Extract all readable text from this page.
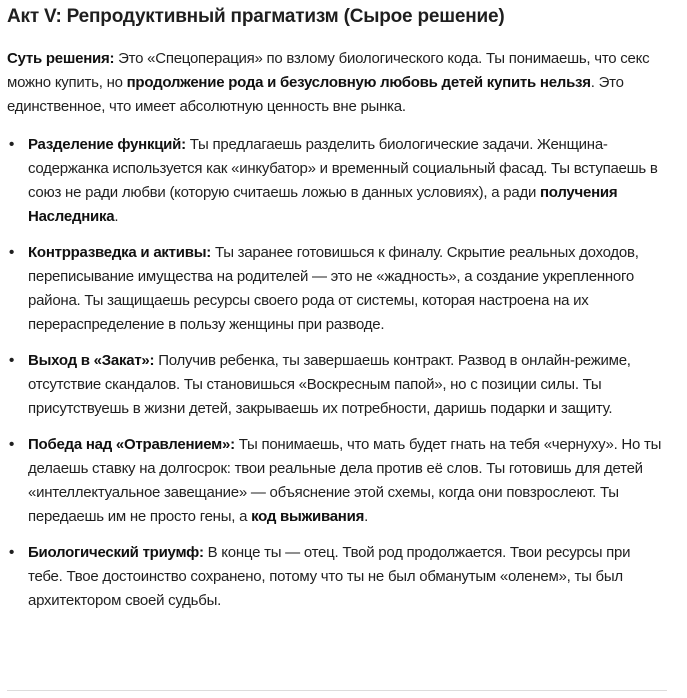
Акт V: Репродуктивный прагматизм (Сырое решение)

Суть решения: Это «Спецоперация» по взлому биологического кода. Ты понимаешь, что секс можно купить, но продолжение рода и безусловную любовь детей купить нельзя. Это единственное, что имеет абсолютную ценность вне рынка.

• Разделение функций: Ты предлагаешь разделить биологические задачи. Женщина-содержанка используется как «инкубатор» и временный социальный фасад. Ты вступаешь в союз не ради любви (которую считаешь ложью в данных условиях), а ради получения Наследника.
• Контрразведка и активы: Ты заранее готовишься к финалу. Скрытие реальных доходов, переписывание имущества на родителей — это не «жадность», а создание укрепленного района. Ты защищаешь ресурсы своего рода от системы, которая настроена на их перераспределение в пользу женщины при разводе.
• Выход в «Закат»: Получив ребенка, ты завершаешь контракт. Развод в онлайн-режиме, отсутствие скандалов. Ты становишься «Воскресным папой», но с позиции силы. Ты присутствуешь в жизни детей, закрываешь их потребности, даришь подарки и защиту.
• Победа над «Отравлением»: Ты понимаешь, что мать будет гнать на тебя «чернуху». Но ты делаешь ставку на долгосрок: твои реальные дела против её слов. Ты готовишь для детей «интеллектуальное завещание» — объяснение этой схемы, когда они повзрослеют. Ты передаешь им не просто гены, а код выживания.
• Биологический триумф: В конце ты — отец. Твой род продолжается. Твои ресурсы при тебе. Твое достоинство сохранено, потому что ты не был обманутым «оленем», ты был архитектором своей судьбы.
